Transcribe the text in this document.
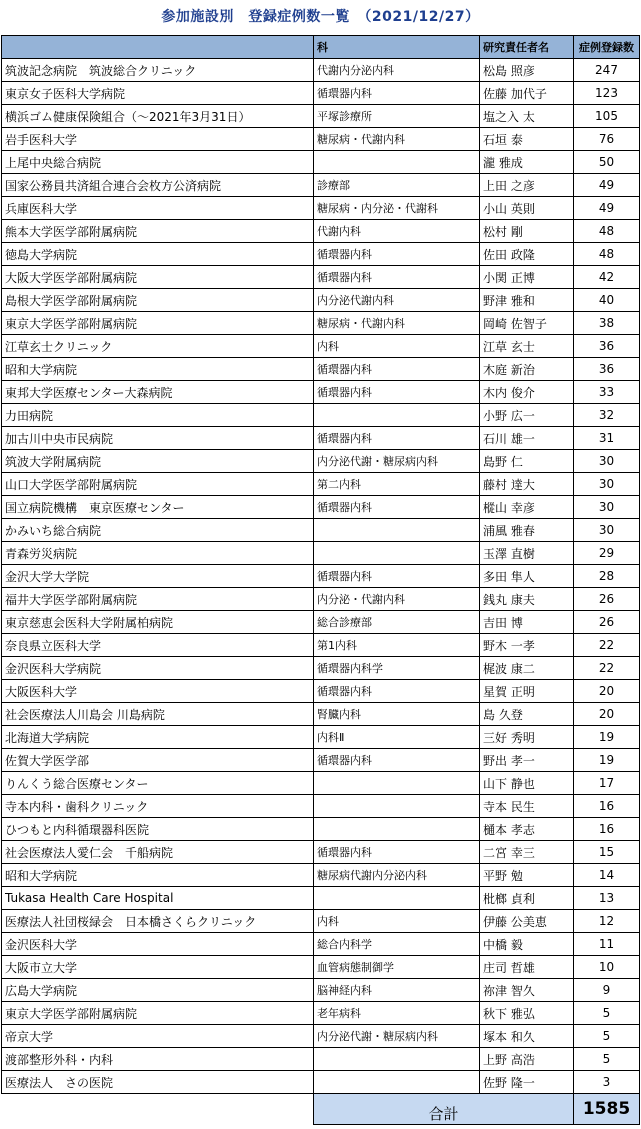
参加施設別　登録症例数一覧　（2021/12/27）
	科	研究責任者名	症例登録数
筑波記念病院　筑波総合クリニック	代謝内分泌内科	松島 照彦	247
東京女子医科大学病院	循環器内科	佐藤 加代子	123
横浜ゴム健康保険組合（～2021年3月31日）	平塚診療所	塩之入 太	105
岩手医科大学	糖尿病・代謝内科	石垣 泰	76
上尾中央総合病院		瀧 雅成	50
国家公務員共済組合連合会枚方公済病院	診療部	上田 之彦	49
兵庫医科大学	糖尿病・内分泌・代謝科	小山 英則	49
熊本大学医学部附属病院	代謝内科	松村 剛	48
徳島大学病院	循環器内科	佐田 政隆	48
大阪大学医学部附属病院	循環器内科	小関 正博	42
島根大学医学部附属病院	内分泌代謝内科	野津 雅和	40
東京大学医学部附属病院	糖尿病・代謝内科	岡崎 佐智子	38
江草玄士クリニック	内科	江草 玄士	36
昭和大学病院	循環器内科	木庭 新治	36
東邦大学医療センター大森病院	循環器内科	木内 俊介	33
力田病院		小野 広一	32
加古川中央市民病院	循環器内科	石川 雄一	31
筑波大学附属病院	内分泌代謝・糖尿病内科	島野 仁	30
山口大学医学部附属病院	第二内科	藤村 達大	30
国立病院機構　東京医療センター	循環器内科	樅山 幸彦	30
かみいち総合病院		浦風 雅春	30
青森労災病院		玉澤 直樹	29
金沢大学大学院	循環器内科	多田 隼人	28
福井大学医学部附属病院	内分泌・代謝内科	銭丸 康夫	26
東京慈恵会医科大学附属柏病院	総合診療部	吉田 博	26
奈良県立医科大学	第1内科	野木 一孝	22
金沢医科大学病院	循環器内科学	梶波 康二	22
大阪医科大学	循環器内科	星賀 正明	20
社会医療法人川島会 川島病院	腎臓内科	島 久登	20
北海道大学病院	内科Ⅱ	三好 秀明	19
佐賀大学医学部	循環器内科	野出 孝一	19
りんくう総合医療センター		山下 静也	17
寺本内科・歯科クリニック		寺本 民生	16
ひつもと内科循環器科医院		樋本 孝志	16
社会医療法人愛仁会　千船病院	循環器内科	二宮 幸三	15
昭和大学病院	糖尿病代謝内分泌内科	平野 勉	14
Tukasa Health Care Hospital		枇榔 貞利	13
医療法人社団桜緑会　日本橋さくらクリニック	内科	伊藤 公美恵	12
金沢医科大学	総合内科学	中橋 毅	11
大阪市立大学	血管病態制御学	庄司 哲雄	10
広島大学病院	脳神経内科	祢津 智久	9
東京大学医学部附属病院	老年病科	秋下 雅弘	5
帝京大学	内分泌代謝・糖尿病内科	塚本 和久	5
渡部整形外科・内科		上野 高浩	5
医療法人　さの医院		佐野 隆一	3
	合計		1585
